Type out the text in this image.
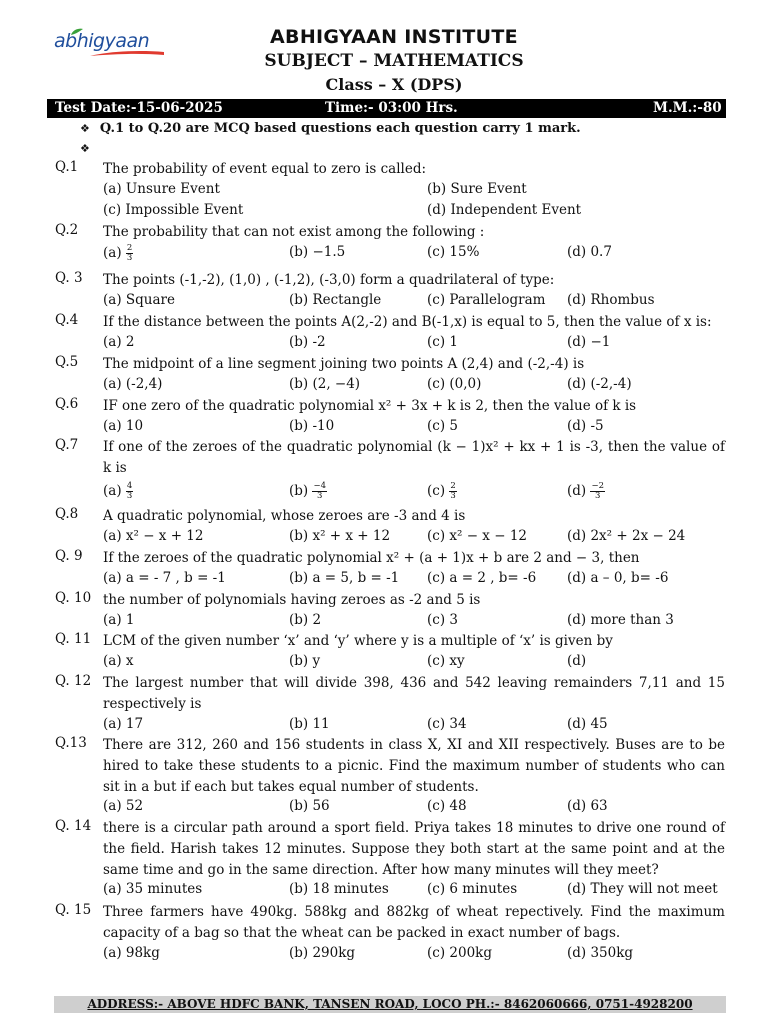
abhigyaan	ABHIGYAAN INSTITUTE
SUBJECT – MATHEMATICS
Class – X (DPS)
Test Date:-15-06-2025	Time:- 03:00 Hrs.	M.M.:-80
❖ Q.1 to Q.20 are MCQ based questions each question carry 1 mark.
❖
Q.1 The probability of event equal to zero is called:
(a) Unsure Event	(b) Sure Event
(c) Impossible Event	(d) Independent Event
Q.2 The probability that can not exist among the following :
$(a) \frac{2}{3}$	(b) −1.5	(c) 15%	(d) 0.7
Q. 3 The points (-1,-2), (1,0) , (-1,2), (-3,0) form a quadrilateral of type:
(a) Square	(b) Rectangle	(c) Parallelogram (d) Rhombus
Q.4 If the distance between the points A(2,-2) and B(-1,x) is equal to 5, then the value of x is:
(a) 2	(b) -2	(c) 1	(d) −1
Q.5 The midpoint of a line segment joining two points A (2,4) and (-2,-4) is
(a) (-2,4)	(b) (2, −4)	(c) (0,0)	(d) (-2,-4)
Q.6 IF one zero of the quadratic polynomial x² + 3x + k is 2, then the value of k is
(a) 10	(b) -10	(c) 5	(d) -5
Q.7 If one of the zeroes of the quadratic polynomial (k − 1)x² + kx + 1 is -3, then the value of k is
$(a) \frac{4}{3}$	$(b) \frac{-4}{3}$	$(c) \frac{2}{3}$	$(d) \frac{-2}{3}$
Q.8 A quadratic polynomial, whose zeroes are -3 and 4 is
(a) x² − x + 12	(b) x² + x + 12	(c) x² − x − 12	(d) 2x² + 2x − 24
Q. 9 If the zeroes of the quadratic polynomial x² + (a + 1)x + b are 2 and − 3, then
(a) a = - 7 , b = -1	(b) a = 5, b = -1 (c) a = 2 , b= -6 (d) a – 0, b= -6
Q. 10 the number of polynomials having zeroes as -2 and 5 is
(a) 1	(b) 2	(c) 3	(d) more than 3
Q. 11 LCM of the given number ‘x’ and ‘y’ where y is a multiple of ‘x’ is given by
(a) x	(b) y	(c) xy	(d)
Q. 12 The largest number that will divide 398, 436 and 542 leaving remainders 7,11 and 15 respectively is
(a) 17	(b) 11	(c) 34	(d) 45
Q.13 There are 312, 260 and 156 students in class X, XI and XII respectively. Buses are to be hired to take these students to a picnic. Find the maximum number of students who can sit in a but if each but takes equal number of students.
(a) 52	(b) 56	(c) 48	(d) 63
Q. 14 there is a circular path around a sport field. Priya takes 18 minutes to drive one round of the field. Harish takes 12 minutes. Suppose they both start at the same point and at the same time and go in the same direction. After how many minutes will they meet?
(a) 35 minutes	(b) 18 minutes	(c) 6 minutes	(d) They will not meet
Q. 15 Three farmers have 490kg. 588kg and 882kg of wheat repectively. Find the maximum capacity of a bag so that the wheat can be packed in exact number of bags.
(a) 98kg	(b) 290kg	(c) 200kg	(d) 350kg
ADDRESS:- ABOVE HDFC BANK, TANSEN ROAD, LOCO PH.:- 8462060666, 0751-4928200
